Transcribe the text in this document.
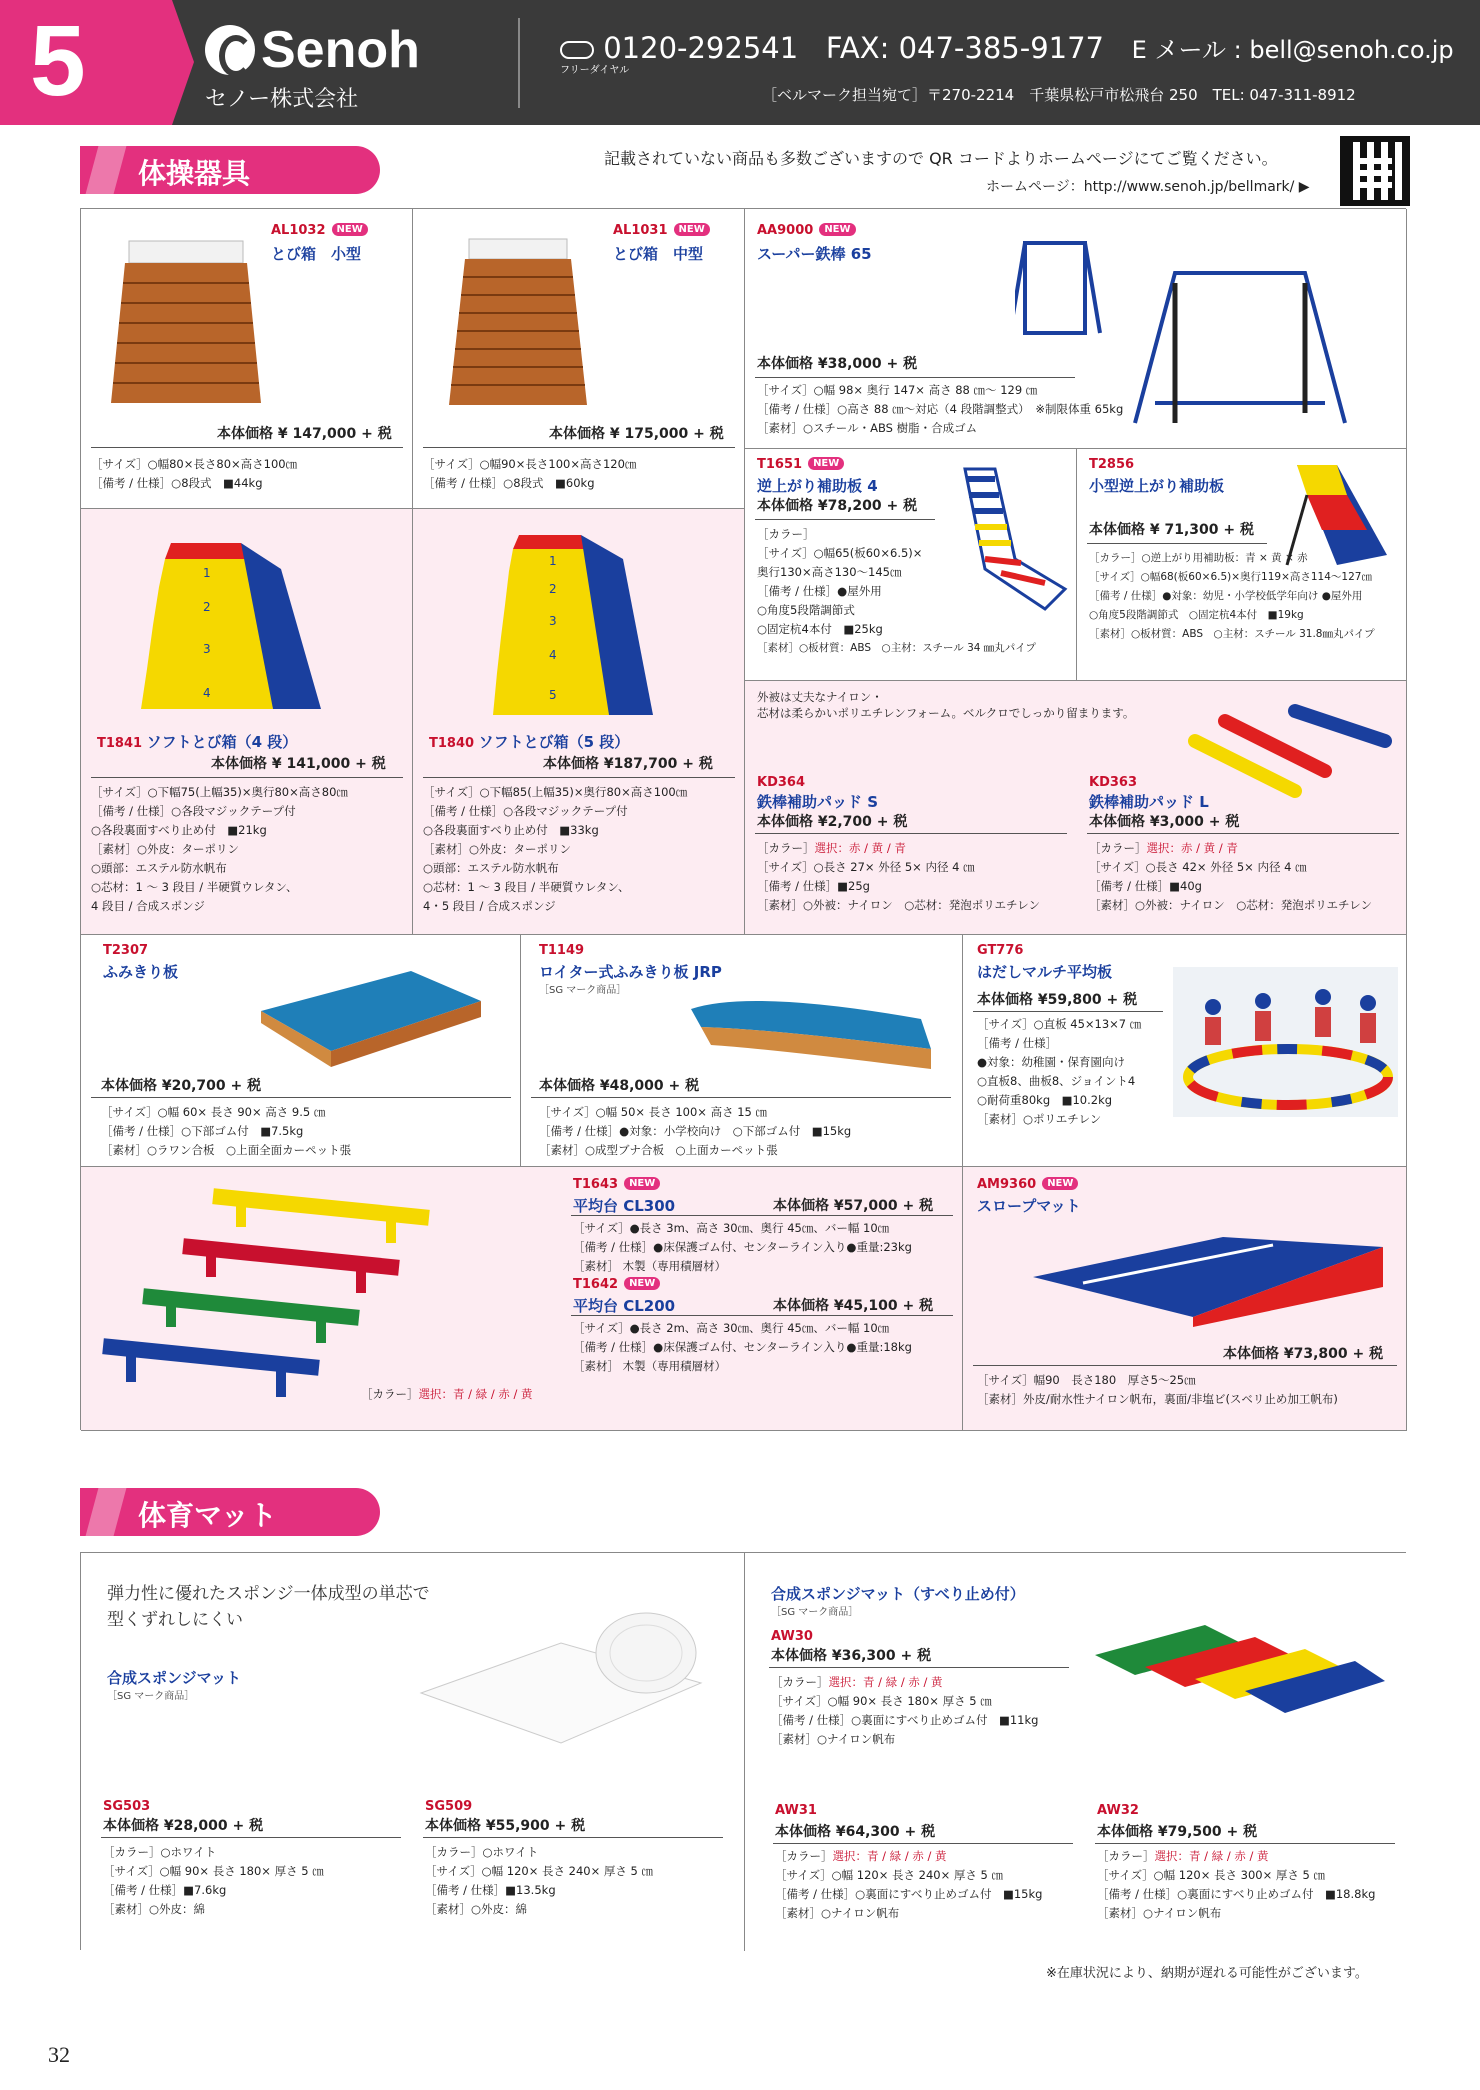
5	Senoh
セノー株式会社
0120-292541 FAX: 047-385-9177 E メール : bell@senoh.co.jp
フリーダイヤル
［ベルマーク担当宛て］〒270-2214　千葉県松戸市松飛台 250　TEL: 047-311-8912
体操器具	記載されていない商品も多数ございますので QR コードよりホームページにてご覧ください。
ホームページ：http://www.senoh.jp/bellmark/ ▶
AL1032 NEW
とび箱　小型
本体価格 ¥ 147,000 + 税
［サイズ］○幅80×長さ80×高さ100㎝
［備考 / 仕様］○8段式　■44kg
AL1031 NEW
とび箱　中型
本体価格 ¥ 175,000 + 税
［サイズ］○幅90×長さ100×高さ120㎝
［備考 / 仕様］○8段式　■60kg
AA9000 NEW
スーパー鉄棒 65
本体価格 ¥38,000 + 税
［サイズ］○幅 98× 奥行 147× 高さ 88 ㎝～ 129 ㎝
［備考 / 仕様］○高さ 88 ㎝～対応（4 段階調整式）　※制限体重 65kg
［素材］○スチール・ABS 樹脂・合成ゴム
T1651 NEW
逆上がり補助板 4
本体価格 ¥78,200 + 税
［カラー］
［サイズ］○幅65(板60×6.5)×
奥行130×高さ130～145㎝
［備考 / 仕様］●屋外用
○角度5段階調節式
○固定杭4本付　■25kg
［素材］○板材質：ABS　○主材：スチール 34 ㎜丸パイプ
T2856
小型逆上がり補助板
本体価格 ¥ 71,300 + 税
［カラー］○逆上がり用補助板：青 × 黄 × 赤
［サイズ］○幅68(板60×6.5)×奥行119×高さ114～127㎝
［備考 / 仕様］●対象：幼児・小学校低学年向け ●屋外用
○角度5段階調節式　○固定杭4本付　■19kg
［素材］○板材質：ABS　○主材：スチール 31.8㎜丸パイプ
1
2
3
4
T1841 ソフトとび箱（4 段）
本体価格 ¥ 141,000 + 税
［サイズ］○下幅75(上幅35)×奥行80×高さ80㎝
［備考 / 仕様］○各段マジックテープ付
○各段裏面すべり止め付　■21kg
［素材］○外皮：ターポリン
○頭部：エステル防水帆布
○芯材：1 ～ 3 段目 / 半硬質ウレタン、
4 段目 / 合成スポンジ
1
2
3
4
5
T1840 ソフトとび箱（5 段）
本体価格 ¥187,700 + 税
［サイズ］○下幅85(上幅35)×奥行80×高さ100㎝
［備考 / 仕様］○各段マジックテープ付
○各段裏面すべり止め付　■33kg
［素材］○外皮：ターポリン
○頭部：エステル防水帆布
○芯材：1 ～ 3 段目 / 半硬質ウレタン、
4・5 段目 / 合成スポンジ
外被は丈夫なナイロン・
芯材は柔らかいポリエチレンフォーム。ベルクロでしっかり留まります。
KD364
鉄棒補助パッド S
本体価格 ¥2,700 + 税
［カラー］選択：赤 / 黄 / 青
［サイズ］○長さ 27× 外径 5× 内径 4 ㎝
［備考 / 仕様］■25g
［素材］○外被：ナイロン　○芯材：発泡ポリエチレン
KD363
鉄棒補助パッド L
本体価格 ¥3,000 + 税
［カラー］選択：赤 / 黄 / 青
［サイズ］○長さ 42× 外径 5× 内径 4 ㎝
［備考 / 仕様］■40g
［素材］○外被：ナイロン　○芯材：発泡ポリエチレン
T2307
ふみきり板
本体価格 ¥20,700 + 税
［サイズ］○幅 60× 長さ 90× 高さ 9.5 ㎝
［備考 / 仕様］○下部ゴム付　■7.5kg
［素材］○ラワン合板　○上面全面カーペット張
T1149
ロイター式ふみきり板 JRP
［SG マーク商品］
本体価格 ¥48,000 + 税
［サイズ］○幅 50× 長さ 100× 高さ 15 ㎝
［備考 / 仕様］●対象：小学校向け　○下部ゴム付　■15kg
［素材］○成型ブナ合板　○上面カーペット張
GT776
はだしマルチ平均板
本体価格 ¥59,800 + 税
［サイズ］○直板 45×13×7 ㎝
［備考 / 仕様］
●対象：幼稚園・保育園向け
○直板8、曲板8、ジョイント4
○耐荷重80kg　■10.2kg
［素材］○ポリエチレン
［カラー］選択：青 / 緑 / 赤 / 黄
T1643 NEW
平均台 CL300	本体価格 ¥57,000 + 税
［サイズ］●長さ 3m、高さ 30㎝、奥行 45㎝、バー幅 10㎝
［備考 / 仕様］●床保護ゴム付、センターライン入り●重量:23kg
［素材］ 木製（専用積層材）
T1642 NEW
平均台 CL200	本体価格 ¥45,100 + 税
［サイズ］●長さ 2m、高さ 30㎝、奥行 45㎝、バー幅 10㎝
［備考 / 仕様］●床保護ゴム付、センターライン入り●重量:18kg
［素材］ 木製（専用積層材）
AM9360 NEW
スロープマット
本体価格 ¥73,800 + 税
［サイズ］幅90　長さ180　厚さ5～25㎝
［素材］外皮/耐水性ナイロン帆布，裏面/非塩ビ(スベリ止め加工帆布)
体育マット
弾力性に優れたスポンジ一体成型の単芯で
型くずれしにくい
合成スポンジマット
［SG マーク商品］
SG503
本体価格 ¥28,000 + 税
［カラー］○ホワイト
［サイズ］○幅 90× 長さ 180× 厚さ 5 ㎝
［備考 / 仕様］■7.6kg
［素材］○外皮：綿
SG509
本体価格 ¥55,900 + 税
［カラー］○ホワイト
［サイズ］○幅 120× 長さ 240× 厚さ 5 ㎝
［備考 / 仕様］■13.5kg
［素材］○外皮：綿
合成スポンジマット（すべり止め付）
［SG マーク商品］
AW30
本体価格 ¥36,300 + 税
［カラー］選択：青 / 緑 / 赤 / 黄
［サイズ］○幅 90× 長さ 180× 厚さ 5 ㎝
［備考 / 仕様］○裏面にすべり止めゴム付　■11kg
［素材］○ナイロン帆布
AW31
本体価格 ¥64,300 + 税
［カラー］選択：青 / 緑 / 赤 / 黄
［サイズ］○幅 120× 長さ 240× 厚さ 5 ㎝
［備考 / 仕様］○裏面にすべり止めゴム付　■15kg
［素材］○ナイロン帆布
AW32
本体価格 ¥79,500 + 税
［カラー］選択：青 / 緑 / 赤 / 黄
［サイズ］○幅 120× 長さ 300× 厚さ 5 ㎝
［備考 / 仕様］○裏面にすべり止めゴム付　■18.8kg
［素材］○ナイロン帆布
※在庫状況により、納期が遅れる可能性がございます。
32
